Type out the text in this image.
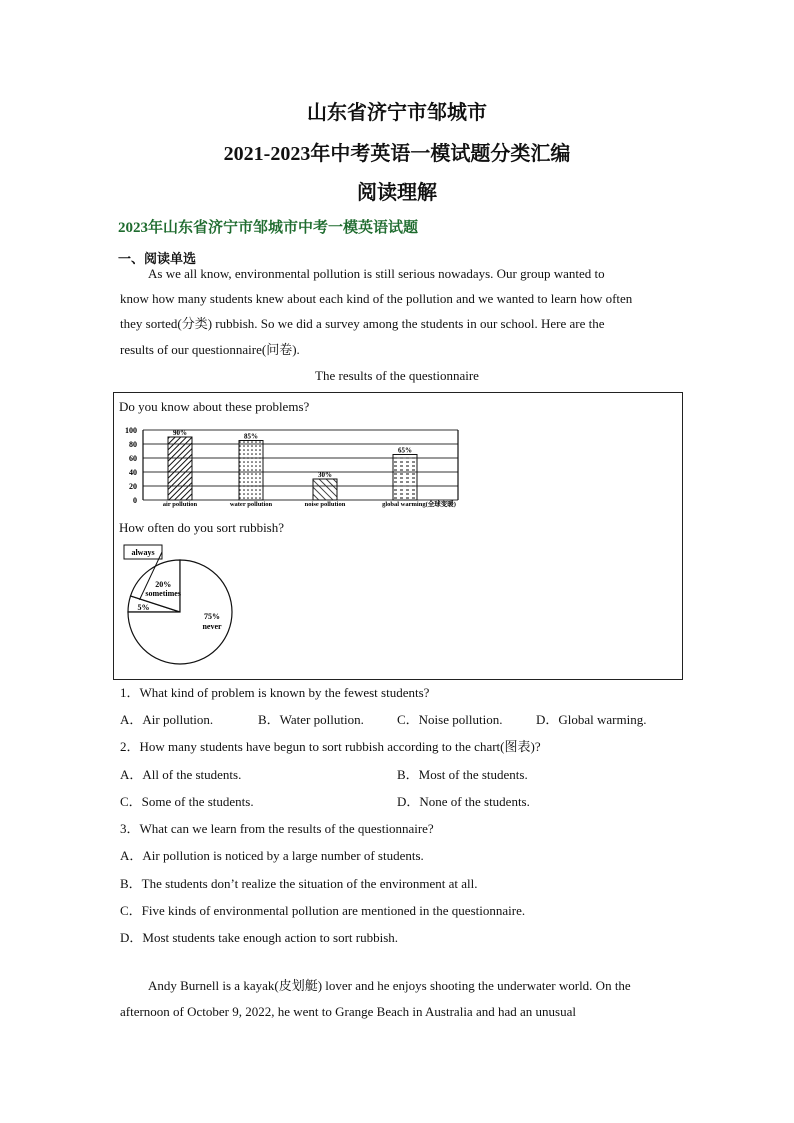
山东省济宁市邹城市
2021-2023年中考英语一模试题分类汇编
阅读理解
2023年山东省济宁市邹城市中考一模英语试题
一、阅读单选
As we all know, environmental pollution is still serious nowadays. Our group wanted to
know how many students knew about each kind of the pollution and we wanted to learn how often
they sorted(分类) rubbish. So we did a survey among the students in our school. Here are the
results of our questionnaire(问卷).
The results of the questionnaire
Do you know about these problems?
How often do you sort rubbish?
0
20
40
60
80
100	90%	85%
30%
65%
air pollution	water pollution	noise pollution	global warming(全球变暖)
5%
always
20%
sometimes
75%
never
1．What kind of problem is known by the fewest students?
A．Air pollution.	B．Water pollution.	C．Noise pollution.	D．Global warming.
2．How many students have begun to sort rubbish according to the chart(图表)?
A．All of the students.	B．Most of the students.
C．Some of the students.	D．None of the students.
3．What can we learn from the results of the questionnaire?
A．Air pollution is noticed by a large number of students.
B．The students don’t realize the situation of the environment at all.
C．Five kinds of environmental pollution are mentioned in the questionnaire.
D．Most students take enough action to sort rubbish.
Andy Burnell is a kayak(皮划艇) lover and he enjoys shooting the underwater world. On the
afternoon of October 9, 2022, he went to Grange Beach in Australia and had an unusual
